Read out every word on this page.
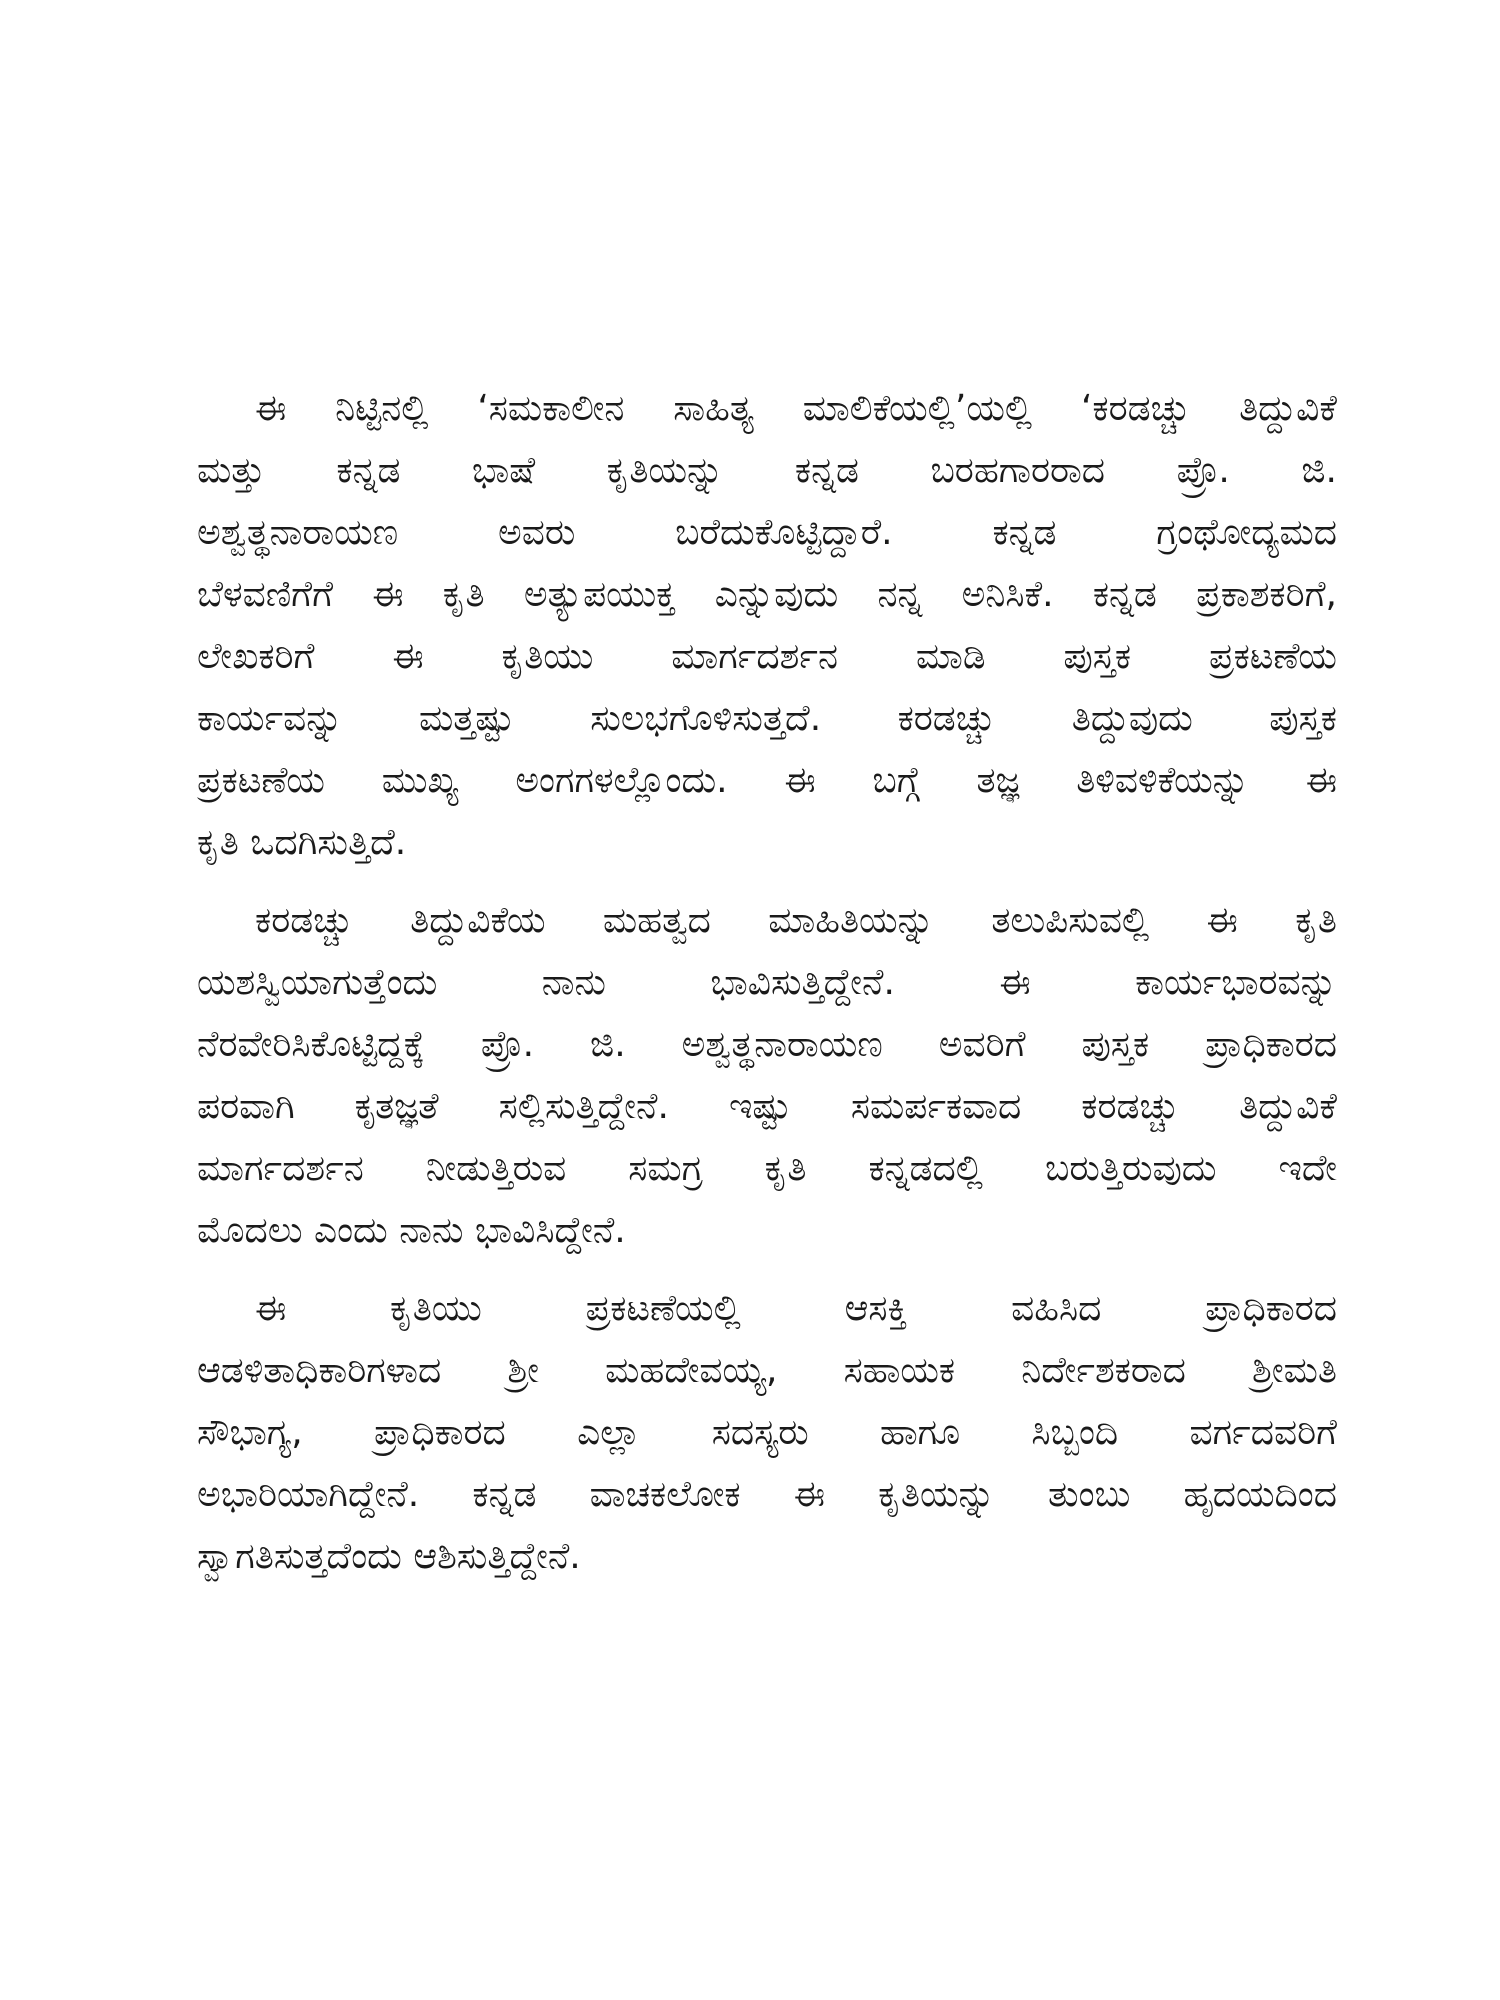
ಈ ನಿಟ್ಟಿನಲ್ಲಿ ‘ಸಮಕಾಲೀನ ಸಾಹಿತ್ಯ ಮಾಲಿಕೆಯಲ್ಲಿ’ಯಲ್ಲಿ ‘ಕರಡಚ್ಚು ತಿದ್ದುವಿಕೆ
ಮತ್ತು ಕನ್ನಡ ಭಾಷೆ ಕೃತಿಯನ್ನು ಕನ್ನಡ ಬರಹಗಾರರಾದ ಪ್ರೊ. ಜಿ.
ಅಶ್ವತ್ಥನಾರಾಯಣ ಅವರು ಬರೆದುಕೊಟ್ಟಿದ್ದಾರೆ. ಕನ್ನಡ ಗ್ರಂಥೋದ್ಯಮದ
ಬೆಳವಣಿಗೆಗೆ ಈ ಕೃತಿ ಅತ್ಯುಪಯುಕ್ತ ಎನ್ನುವುದು ನನ್ನ ಅನಿಸಿಕೆ. ಕನ್ನಡ ಪ್ರಕಾಶಕರಿಗೆ,
ಲೇಖಕರಿಗೆ ಈ ಕೃತಿಯು ಮಾರ್ಗದರ್ಶನ ಮಾಡಿ ಪುಸ್ತಕ ಪ್ರಕಟಣೆಯ
ಕಾರ್ಯವನ್ನು ಮತ್ತಷ್ಟು ಸುಲಭಗೊಳಿಸುತ್ತದೆ. ಕರಡಚ್ಚು ತಿದ್ದುವುದು ಪುಸ್ತಕ
ಪ್ರಕಟಣೆಯ ಮುಖ್ಯ ಅಂಗಗಳಲ್ಲೊಂದು. ಈ ಬಗ್ಗೆ ತಜ್ಞ ತಿಳಿವಳಿಕೆಯನ್ನು ಈ
ಕೃತಿ ಒದಗಿಸುತ್ತಿದೆ.
ಕರಡಚ್ಚು ತಿದ್ದುವಿಕೆಯ ಮಹತ್ವದ ಮಾಹಿತಿಯನ್ನು ತಲುಪಿಸುವಲ್ಲಿ ಈ ಕೃತಿ
ಯಶಸ್ವಿಯಾಗುತ್ತೆಂದು ನಾನು ಭಾವಿಸುತ್ತಿದ್ದೇನೆ. ಈ ಕಾರ್ಯಭಾರವನ್ನು
ನೆರವೇರಿಸಿಕೊಟ್ಟಿದ್ದಕ್ಕೆ ಪ್ರೊ. ಜಿ. ಅಶ್ವತ್ಥನಾರಾಯಣ ಅವರಿಗೆ ಪುಸ್ತಕ ಪ್ರಾಧಿಕಾರದ
ಪರವಾಗಿ ಕೃತಜ್ಞತೆ ಸಲ್ಲಿಸುತ್ತಿದ್ದೇನೆ. ಇಷ್ಟು ಸಮರ್ಪಕವಾದ ಕರಡಚ್ಚು ತಿದ್ದುವಿಕೆ
ಮಾರ್ಗದರ್ಶನ ನೀಡುತ್ತಿರುವ ಸಮಗ್ರ ಕೃತಿ ಕನ್ನಡದಲ್ಲಿ ಬರುತ್ತಿರುವುದು ಇದೇ
ಮೊದಲು ಎಂದು ನಾನು ಭಾವಿಸಿದ್ದೇನೆ.
ಈ ಕೃತಿಯು ಪ್ರಕಟಣೆಯಲ್ಲಿ ಆಸಕ್ತಿ ವಹಿಸಿದ ಪ್ರಾಧಿಕಾರದ
ಆಡಳಿತಾಧಿಕಾರಿಗಳಾದ ಶ್ರೀ ಮಹದೇವಯ್ಯ, ಸಹಾಯಕ ನಿರ್ದೇಶಕರಾದ ಶ್ರೀಮತಿ
ಸೌಭಾಗ್ಯ, ಪ್ರಾಧಿಕಾರದ ಎಲ್ಲಾ ಸದಸ್ಯರು ಹಾಗೂ ಸಿಬ್ಬಂದಿ ವರ್ಗದವರಿಗೆ
ಅಭಾರಿಯಾಗಿದ್ದೇನೆ. ಕನ್ನಡ ವಾಚಕಲೋಕ ಈ ಕೃತಿಯನ್ನು ತುಂಬು ಹೃದಯದಿಂದ
ಸ್ವಾಗತಿಸುತ್ತದೆಂದು ಆಶಿಸುತ್ತಿದ್ದೇನೆ.
